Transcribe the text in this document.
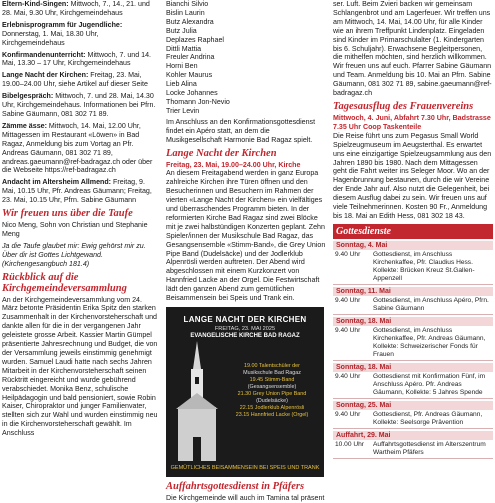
Eltern-Kind-Singen: Mittwoch, 7., 14., 21. und 28. Mai, 9.30 Uhr, Kirchgemeindehaus

Erlebnisprogramm für Jugendliche: Donnerstag, 1. Mai, 18.30 Uhr, Kirchgemeindehaus

Konfirmandenunterricht: Mittwoch, 7. und 14. Mai, 13.30 – 17 Uhr, Kirchgemeindehaus

Lange Nacht der Kirchen: Freitag, 23. Mai, 19.00–24.00 Uhr, siehe Artikel auf dieser Seite

Bibelgespräch: Mittwoch, 7. und 28. Mai, 14.30 Uhr, Kirchgemeindehaus. Informationen bei Pfrn. Sabine Gäumann, 081 302 71 89.

Zämme ässe: Mittwoch, 14. Mai, 12.00 Uhr, Mittagessen im Restaurant «Löwen» in Bad Ragaz, Anmeldung bis zum Vortag an Pfr. Andreas Gäumann, 081 302 71 89, andreas.gaeumann@ref-badragaz.ch oder über die Webseite https://ref-badragaz.ch

Andacht im Altersheim Allmend: Freitag, 9. Mai, 10.15 Uhr, Pfr. Andreas Gäumann; Freitag, 23. Mai, 10.15 Uhr, Pfrn. Sabine Gäumann

Wir freuen uns über die Taufe

Nico Meng, Sohn von Christian und Stephanie Meng

Ja die Taufe glaubet mir: Ewig gehörst mir zu. Über dir ist Gottes Lichtgewand. (Kirchengesangbuch 181.4)

Rückblick auf die Kirchgemeindeversammlung

An der Kirchgemeindeversammlung vom 24. März betonte Präsidentin Erika Spitz den starken Zusammenhalt in der Kirchenvorsteherschaft und dankte allen für die in der vergangenen Jahr geleistete grosse Arbeit. Kassier Martin Gümpel präsentierte Jahresrechnung und Budget, die von der Versammlung jeweils einstimmig genehmigt wurden. Samuel Laudi hatte nach sechs Jahren Mitarbeit in der Kirchenvorsteherschaft seinen Rücktritt eingereicht und wurde gebührend verabschiedet. Monika Benz, schulische Heilpädagogin und bald pensioniert, sowie Robin Kaiser, Chiropraktor und junger Familienvater, stellten sich zur Wahl und wurden einstimmig neu in die Kirchenvorsteherschaft gewählt. Im Anschluss

Bianchi Silvio

Bislin Laurin

Butz Alexandra

Butz Julia

Deplazes Raphael

Dittli Mattia

Freuler Andrina

Horni Ben

Kohler Maurus

Lieb Alina

Locke Johannes

Thomann Jon-Nevio

Trier Levin

Im Anschluss an den Konfirmationsgottesdienst findet ein Apéro statt, an dem die Musikgesellschaft Harmonie Bad Ragaz spielt.

Lange Nacht der Kirchen

Freitag, 23. Mai, 19.00–24.00 Uhr, Kirche
An diesem Freitagabend werden in ganz Europa zahlreiche Kirchen ihre Türen öffnen und den Besucherinnen und Besuchern im Rahmen der vierten «Lange Nacht der Kirchen» ein vielfältiges und überraschendes Programm bieten. In der reformierten Kirche Bad Ragaz sind zwei Blöcke mit je zwei halbstündigen Konzerten geplant. Zehn Spieler/innen der Musikschule Bad Ragaz, das Gesangsensemble «Stimm-Band», die Grey Union Pipe Band (Dudelsäcke) und der Jodlerklub Alpenrösli werden auftreten. Der Abend wird abgeschlossen mit einem Kurzkonzert von Hannfried Lacke an der Orgel. Die Festwirtschaft lädt den ganzen Abend zum gemütlichen Beisammensein bei Speis und Trank ein.

LANGE NACHT DER KIRCHEN
FREITAG, 23. MAI 2025
EVANGELISCHE KIRCHE BAD RAGAZ
19.00 Talentschüler der
Musikschule Bad Ragaz
19.45 Stimm-Band
(Gesangsensemble)
21.30 Grey Union Pipe Band
(Dudelsäcke)
22.15 Jodlerklub Alpenrösli
23.15 Hannfried Lacke (Orgel)
GEMÜTLICHES BEISAMMENSEIN BEI SPEIS UND TRANK
Auffahrtsgottesdienst in Pfäfers

Die Kirchgemeinde will auch im Tamina tal präsent

ser. Luft. Beim Zvieri backen wir gemeinsam Schlangenbrot und am Lagerfeuer. Wir treffen uns am Mittwoch, 14. Mai, 14.00 Uhr, für alle Kinder wie an ihrem Treffpunkt Lindenplatz. Eingeladen sind Kinder im Primarschulalter (1. Kindergarten bis 6. Schuljahr). Erwachsene Begleitpersonen, die mithelfen möchten, sind herzlich willkommen. Wir freuen uns auf euch. Pfarrer Sabine Gäumann und Team. Anmeldung bis 10. Mai an Pfrn. Sabine Gäumann, 081 302 71 89, sabine.gaeumann@ref-badragaz.ch

Tagesausflug des Frauenvereins

Mittwoch, 4. Juni, Abfahrt 7.30 Uhr, Badstrasse 7.35 Uhr Coop Taskenteile
Die Reise führt uns zum Pegasus Small World Spielzeugmuseum im Aeugsterthal. Es erwartet uns eine einzigartige Spielzeugsammlung aus den Jahren 1890 bis 1980. Nach dem Mittagessen geht die Fahrt weiter ins Seleger Moor. Wo an der Hagenbrunnung bestaunen, durch die wir Vereine der Ende Jahr auf. Also nutzt die Gelegenheit, bei diesem Ausflug dabei zu sein. Wir freuen uns auf viele Teilnehmerinnen. Kosten 90 Fr., Anmeldung bis 18. Mai an Edith Hess, 081 302 18 43.

Gottesdienste
Sonntag, 4. Mai
9.40 Uhr	Gottesdienst, im Anschluss Kirchenkaffee, Pfr. Claudius Hess. Kollekte: Brücken Kreuz St.Gallen-Appenzell
Sonntag, 11. Mai
9.40 Uhr	Gottesdienst, im Anschluss Apéro, Pfrn. Sabine Gäumann
Sonntag, 18. Mai
9.40 Uhr	Gottesdienst, im Anschluss Kirchenkaffee, Pfr. Andreas Gäumann, Kollekte: Schweizerischer Fonds für Frauen
Sonntag, 18. Mai
9.40 Uhr	Gottesdienst mit Konfirmation Fünf, im Anschluss Apéro. Pfr. Andreas Gäumann, Kollekte: 5 Jahres Spende
Sonntag, 25. Mai
9.40 Uhr	Gottesdienst, Pfr. Andreas Gäumann, Kollekte: Seelsorge Prävention
Auffahrt, 29. Mai
10.00 Uhr	Auffahrtsgottesdienst im Alterszentrum Wartheim Pfäfers
